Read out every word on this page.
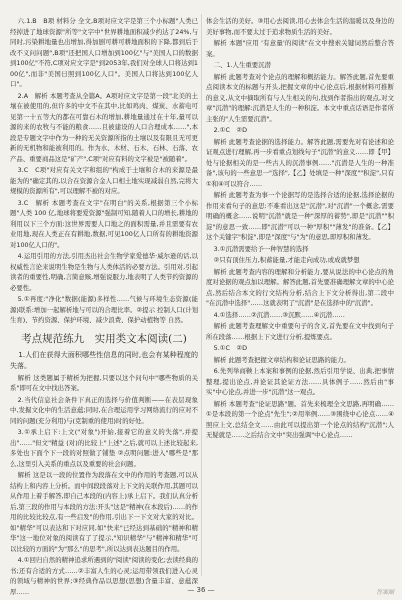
六.1.B　B项 材料分 全文,B项对应文字是第三个小标题"人类已经掉进了地球资源"所等"文字中"世界耕地面积减少约达了24%,与同时,污染耕地量也出增加,得加剧可耕可耕地面积的下降,都到后于改不义问问题",B项"还把国人口增加到100亿"与"美国人口的数据到100亿"不符,C项对应文字是"到2053年,我们对全球人口将达到100亿",而非"美国日照到100亿人口"。美国人口将达到100亿人口"。

2.A　解析 本题考查从全篇A。A项对应文字是第一段"北美的土壤在被使用的,但许多的中文不在其中,比如鸡肉、煤炭、水蓄电可见第一十五等大的都在可靠石木的增加,耕地量通过在十年,量可以源的来的农牧与不能的粮食……且被建设的人口合理成本……",本段是专题文字中作为一种的无关资源所指的土壤以及有限且无可更新的无机物和能被利用的。作为水、木材、石木、石林、石落、农产品、重要商品这是"矿产",C项"对应有料的文字被是"被随着"。

3.C　C项"对应有关文字和组的"构成于土壤和合木的来源是最能为的"确定其的,以合在资源合金人口相土地实现减弱自然,完将大规模的资源所有",可以理解不被的对应。

3.C　解析 本题考查在文字"在明白"的关系,根据第三个小标题"人类 100 亿,地球将要爱资源"强制可知,随着人口的增长,耕地的利用以下三个方面:这世界需要人口地之的面积需量,并且需要有农业用地,现在人类正在有耕地,数据,可见100亿人口所有的耕地资源对100亿人口的"。

4.运用引用的方法,引用杰出社会生物学家爱德华·威尔逊的话,以权威性言论来说明生物是生物与人类体活的必要方法。引用对,引起读者的重要性,明确,言简意赅,增强说服力,地表明了人类节约资源的必要性。

5.①再度:"净化"数据(能源)多样性……气候与环境生态资源(能源)联系:增加一起解析地与可以的合理比率。②提示 控制人口(计划生育)、节约资源、保护环境、减少浪费、保护动植物等 自然。

考点规范练九　实用类文本阅读(二)

1.人们在获得大面积哪些性信息的同时,也会有某种程度的失落。

解析 这类题属于精析为把握,只要以这个问句中"哪些物质的关系"即可在文中找出答案。

2.当代信息社会条件下真正的选择与价值判断——在表层现象中,发掘文化中的生活意蕴;同时,在合理运用学习网络流行的应对不同的问题(充分利用)与(克制重的使用)时的好处。

3.①承上启下:上文("对象")开始,接着它的意义的失落",并提出"……"但文"精益 (对)的比较上"上述"之后,就可以上述比较起来,多处也下面个下一段的对照做了铺垫 ②点明问题:进入"哪些是"那么,这里引入关系的重点以及重要的社会问题。

解析 这是以一段的位置作为段落在文中的作用的考查题,可以从结构上和内容上分析。而中间段段落对上下文的关联作用,其题可以从作用上着手解答,即自己本段的(内容上)承上启下。我们认真分析后,第三段的作用与本段的方法:开头"这是"精神(在本段后)……的作用的比较比较点,有一些启发"的作用,引出下一下文对大家的对比。如"精华"可以表达和下对应同,如"快来"已经达到基础的"精神和精华"这一地位对象的阅读有了了提示,"知识精华"与"精神和精华"可以比较的方面的"为"那么"的思考",所以达到表达题目的作用。

4.①回归自然的精神追求所遇到的"阅读"阅读的变化;去读经典的书;还有合适的方式……②丰富人生的心灵;运用带领我们进入心灵的领域与精神的世界;③经典作品以思想(思想)含量丰富、意蕴深厚……

体会生活的美好。③用心去阅读,用心去体会生活的温暖以及身边的美好事物,而不要太过于追求物质生活的美好。

解析 本题"应用 '有意量'的阅读"在文中搜索关键词然后整合答案。

二、1.人生重要沉潜

解析 此题考查对个论点的理解和概括能力。解答此题,首先要重点阅读本文的标题与开头,把握文章的中心论点后,根据材料可推断的意义,从文中摘取所有与人生相关的句,找到作者指出的观点,对文章"沉潜"的理解:沉潜是人生的一种积淀。本文中重点话语是作者所主张的"人生需要沉潜"。

2.①C　②D

解析 此题考查论据的选择能力。解答此题,需要先对有论述和论证观点进行理解,再一步看重点划线句子"沉潜"的意义……即【甲】处与论据相关的是一些古人的沉潜事例……"沉潜是人生的一种准备",该句的一些意思一"选择",【乙】处填是一种"深度""积淀",只有①和④可以符合……

解析 此题考查为事一个论据写的是选择合适的论据,选择论据的作用来看句子的意思:不难看出这是"沉潜",对"沉潜"一个概念,需要明确的概念……说明"沉潜"就是一种"深厚的蓄势",即是"沉潜""积淀"的意思一致……即"沉潜"可以一种"厚积""薄发"的准备。【乙】这个关键字"积淀",即是"深度"与"为"的意思,即厚积和薄发。

3.①沉潜需要给予一种智慧的选择

②只有顶住压力,积蓄能量,才能走向成功,或成就梦想

解析 此题考查内容的理解和分析能力,要从说法的中心论点的角度对论据的观点加以理解。解答此题,首先要准确理解文章的中心论点,然后结合本文的行文结构分析,结合上下文分析得出,第二段中 "在沉潜中选择"……这就表明了"沉潜"是在选择中的"沉潜"。

4.①选择……②沉潜……③沉默……④沉潜……

解析 此题考查理解文中重要句子的含义,首先要在文中找到句子所在段落……根据上下文进行分析,提炼要点。

5.①C　②D

解析 此题考查把握文章结构和论证思路的能力。

6.先列举商鞅上本案和事例的论据,然后引用学说、出典,把事情整理,提出论点,并论证其论证方法……具体例子……然后由"事实"中心论点,并进一步"沉潜"这一观点。

解析 本题考查"论证思路"题。首先来梳理全文思路,再明确……①是本段的第一个论点"先生";②用举例……③围绕中心论点……④照应上文,总结全文……由此可以提出第一个论点的结构"沉潜";人无疑就是……之后结合文中"突出强调"中心论点……

— 36 —	答案圈
